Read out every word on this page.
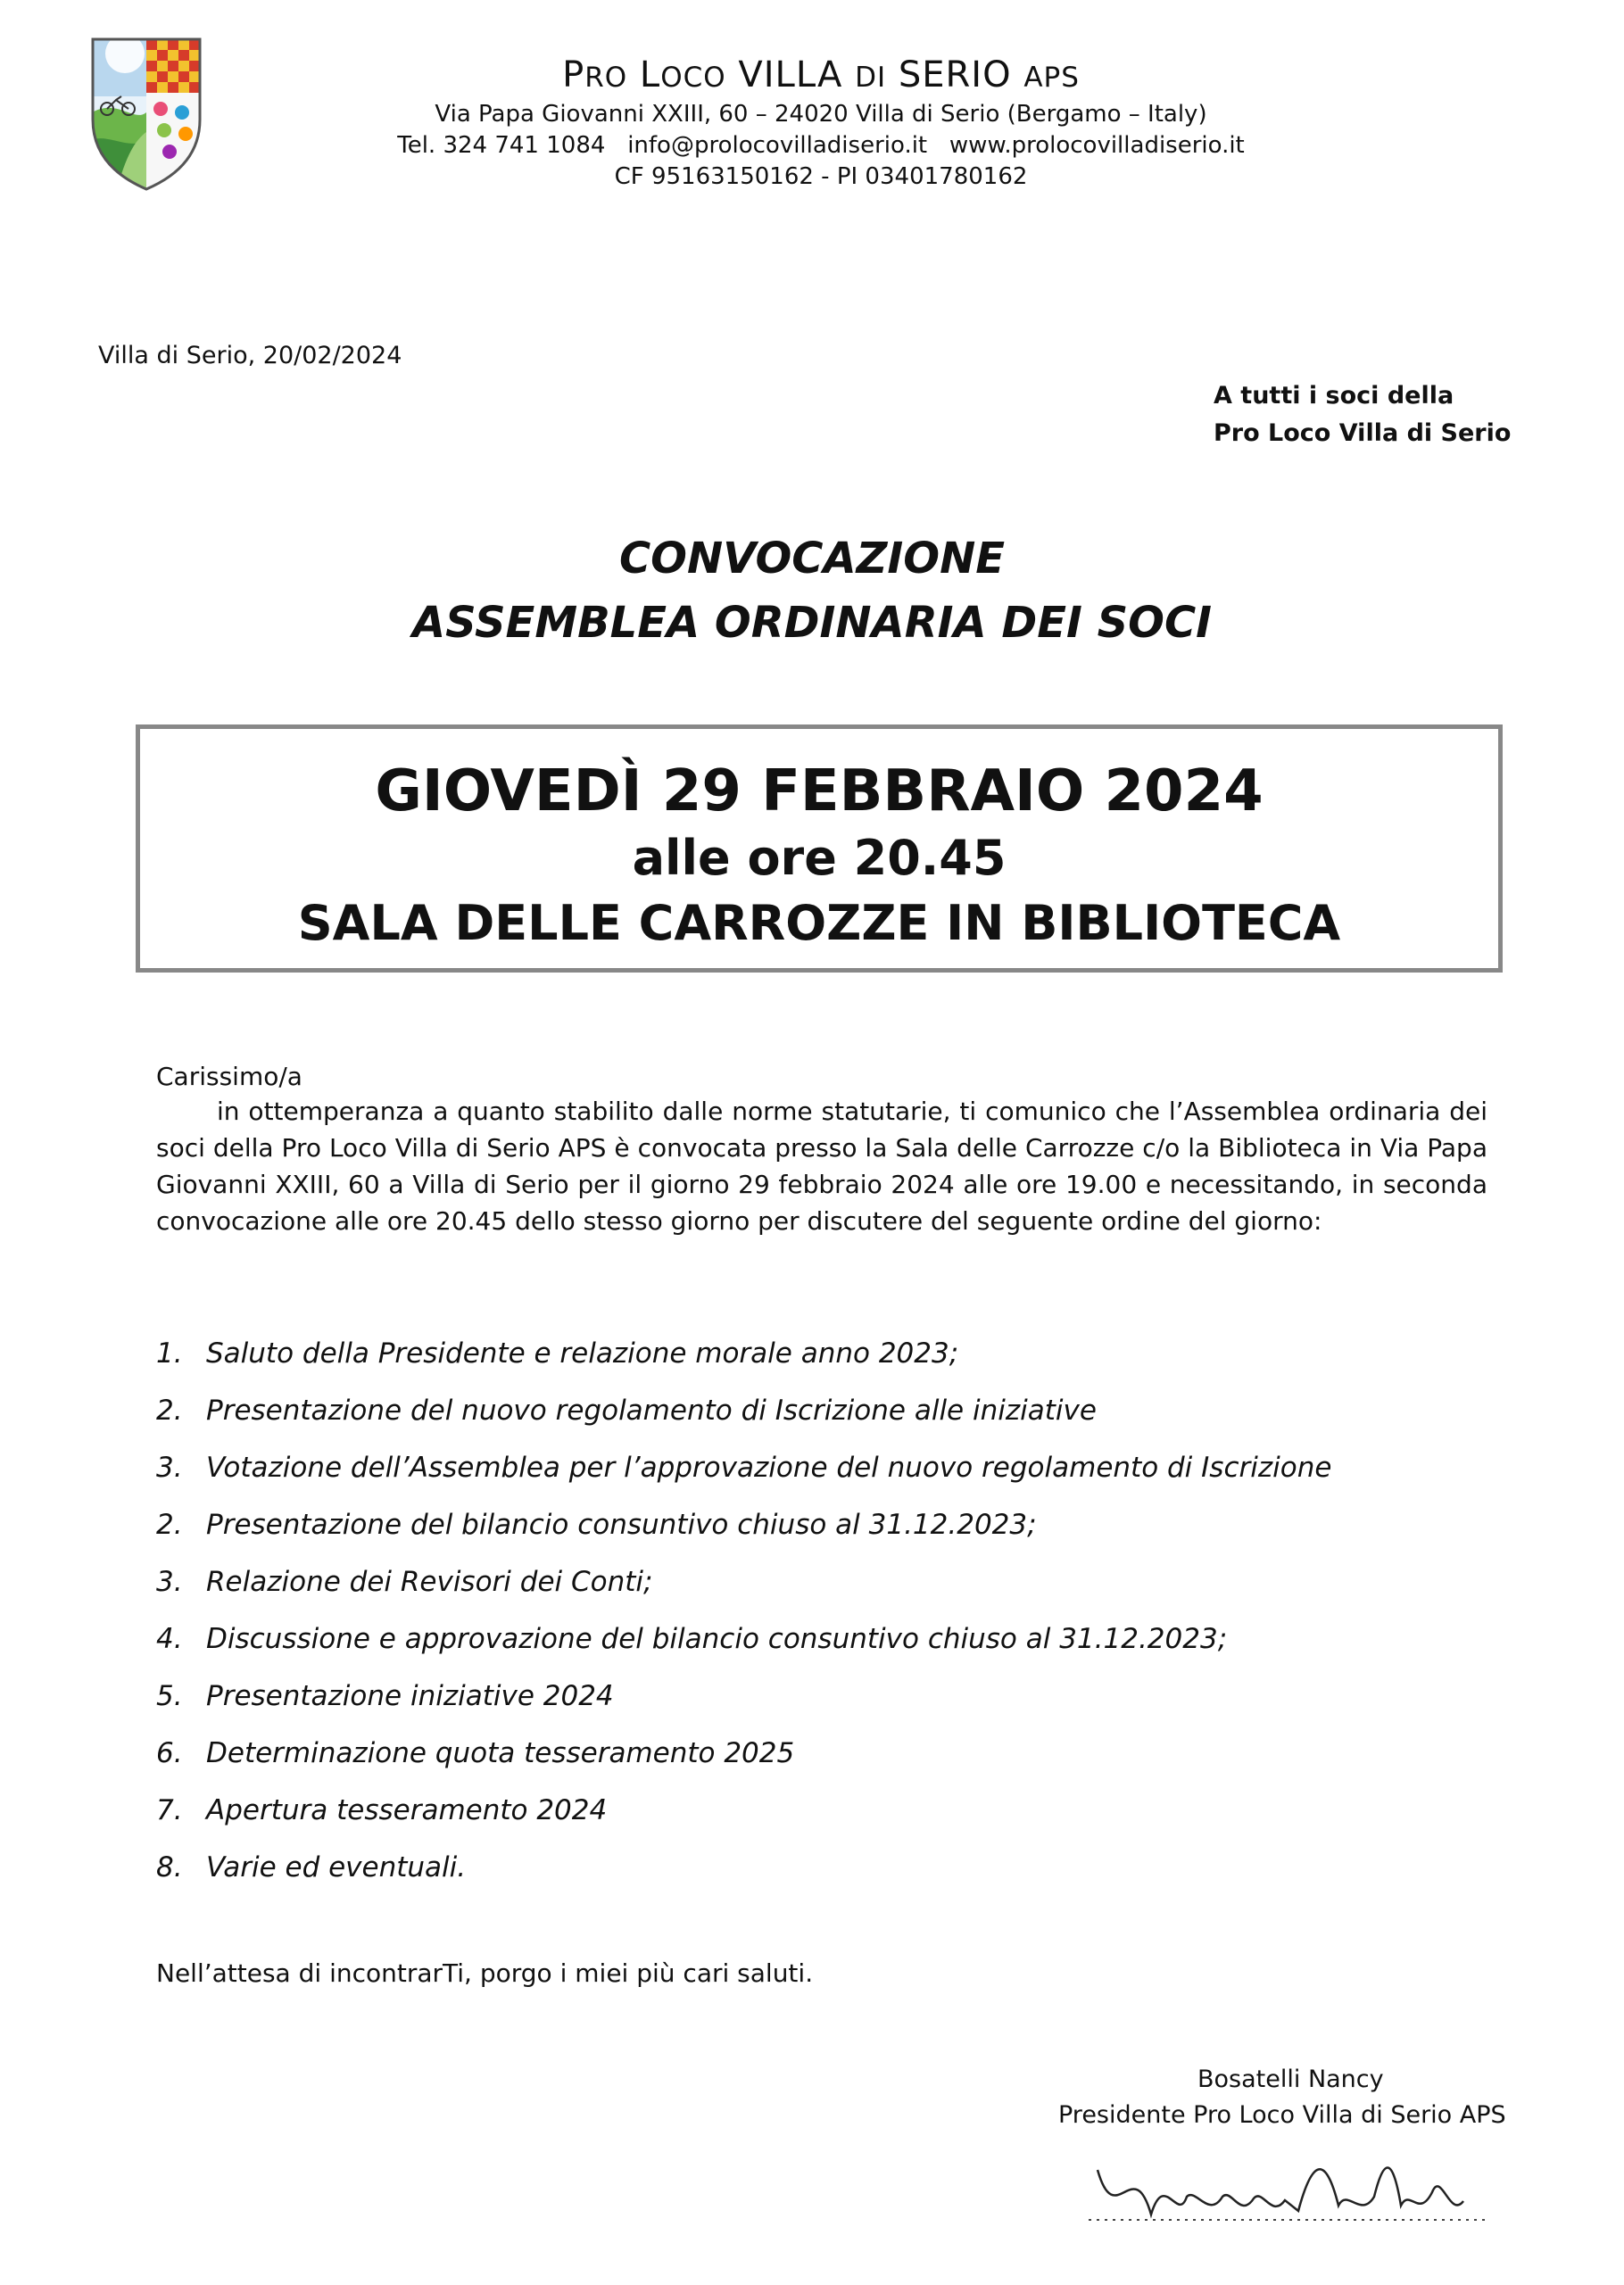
PRO LOCO VILLA DI SERIO APS

Via Papa Giovanni XXIII, 60 – 24020 Villa di Serio (Bergamo – Italy)

Tel. 324 741 1084   info@prolocovilladiserio.it   www.prolocovilladiserio.it

CF 95163150162 - PI 03401780162

Villa di Serio, 20/02/2024
A tutti i soci della
Pro Loco Villa di Serio
CONVOCAZIONE
ASSEMBLEA ORDINARIA DEI SOCI
GIOVEDÌ 29 FEBBRAIO 2024
alle ore 20.45
SALA DELLE CARROZZE IN BIBLIOTECA
Carissimo/a
in ottemperanza a quanto stabilito dalle norme statutarie, ti comunico che l’Assemblea ordinaria dei soci della Pro Loco Villa di Serio APS è convocata presso la Sala delle Carrozze c/o la Biblioteca in Via Papa Giovanni XXIII, 60 a Villa di Serio per il giorno 29 febbraio 2024 alle ore 19.00 e necessitando, in seconda convocazione alle ore 20.45 dello stesso giorno per discutere del seguente ordine del giorno:
1. Saluto della Presidente e relazione morale anno 2023;
2. Presentazione del nuovo regolamento di Iscrizione alle iniziative
3. Votazione dell’Assemblea per l’approvazione del nuovo regolamento di Iscrizione
2. Presentazione del bilancio consuntivo chiuso al 31.12.2023;
3. Relazione dei Revisori dei Conti;
4. Discussione e approvazione del bilancio consuntivo chiuso al 31.12.2023;
5. Presentazione iniziative 2024
6. Determinazione quota tesseramento 2025
7. Apertura tesseramento 2024
8. Varie ed eventuali.
Nell’attesa di incontrarTi, porgo i miei più cari saluti.
Bosatelli Nancy
Presidente Pro Loco Villa di Serio APS
